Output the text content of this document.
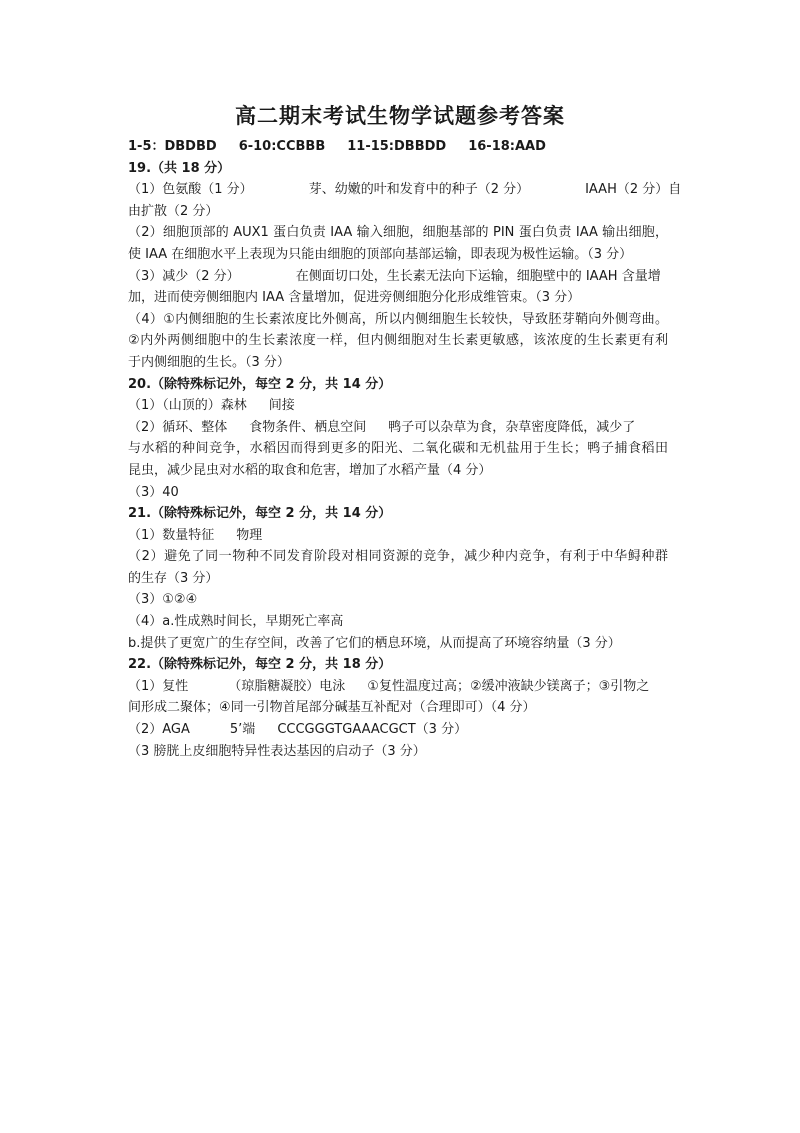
高二期末考试生物学试题参考答案
1-5：DBDBD 6-10:CCBBB 11-15:DBBDD 16-18:AAD
19.（共 18 分）
（1）色氨酸（1 分）	芽、幼嫩的叶和发育中的种子（2 分）	IAAH（2 分） 自
由扩散（2 分）
（2）细胞顶部的 AUX1 蛋白负责 IAA 输入细胞，细胞基部的 PIN 蛋白负责 IAA 输出细胞，
使 IAA 在细胞水平上表现为只能由细胞的顶部向基部运输，即表现为极性运输。（3 分）
（3）减少（2 分）	在侧面切口处，生长素无法向下运输，细胞壁中的 IAAH 含量增
加，进而使旁侧细胞内 IAA 含量增加，促进旁侧细胞分化形成维管束。（3 分）
（4）①内侧细胞的生长素浓度比外侧高，所以内侧细胞生长较快，导致胚芽鞘向外侧弯曲。
②内外两侧细胞中的生长素浓度一样，但内侧细胞对生长素更敏感，该浓度的生长素更有利
于内侧细胞的生长。（3 分）
20.（除特殊标记外，每空 2 分，共 14 分）
（1）（山顶的）森林 间接
（2）循环、整体 食物条件、栖息空间 鸭子可以杂草为食，杂草密度降低，减少了
与水稻的种间竞争，水稻因而得到更多的阳光、二氧化碳和无机盐用于生长；鸭子捕食稻田
昆虫，减少昆虫对水稻的取食和危害，增加了水稻产量（4 分）
（3）40
21.（除特殊标记外，每空 2 分，共 14 分）
（1）数量特征 物理
（2）避免了同一物种不同发育阶段对相同资源的竞争，减少种内竞争，有利于中华鲟种群
的生存（3 分）
（3）①②④
（4）a.性成熟时间长，早期死亡率高
b.提供了更宽广的生存空间，改善了它们的栖息环境，从而提高了环境容纳量（3 分）
22.（除特殊标记外，每空 2 分，共 18 分）
（1）复性	（琼脂糖凝胶）电泳 ①复性温度过高；②缓冲液缺少镁离子；③引物之
间形成二聚体；④同一引物首尾部分碱基互补配对（合理即可）（4 分）
（2）AGA	5’端 CCCGGGTGAAACGCT（3 分）
（3 膀胱上皮细胞特异性表达基因的启动子（3 分）
